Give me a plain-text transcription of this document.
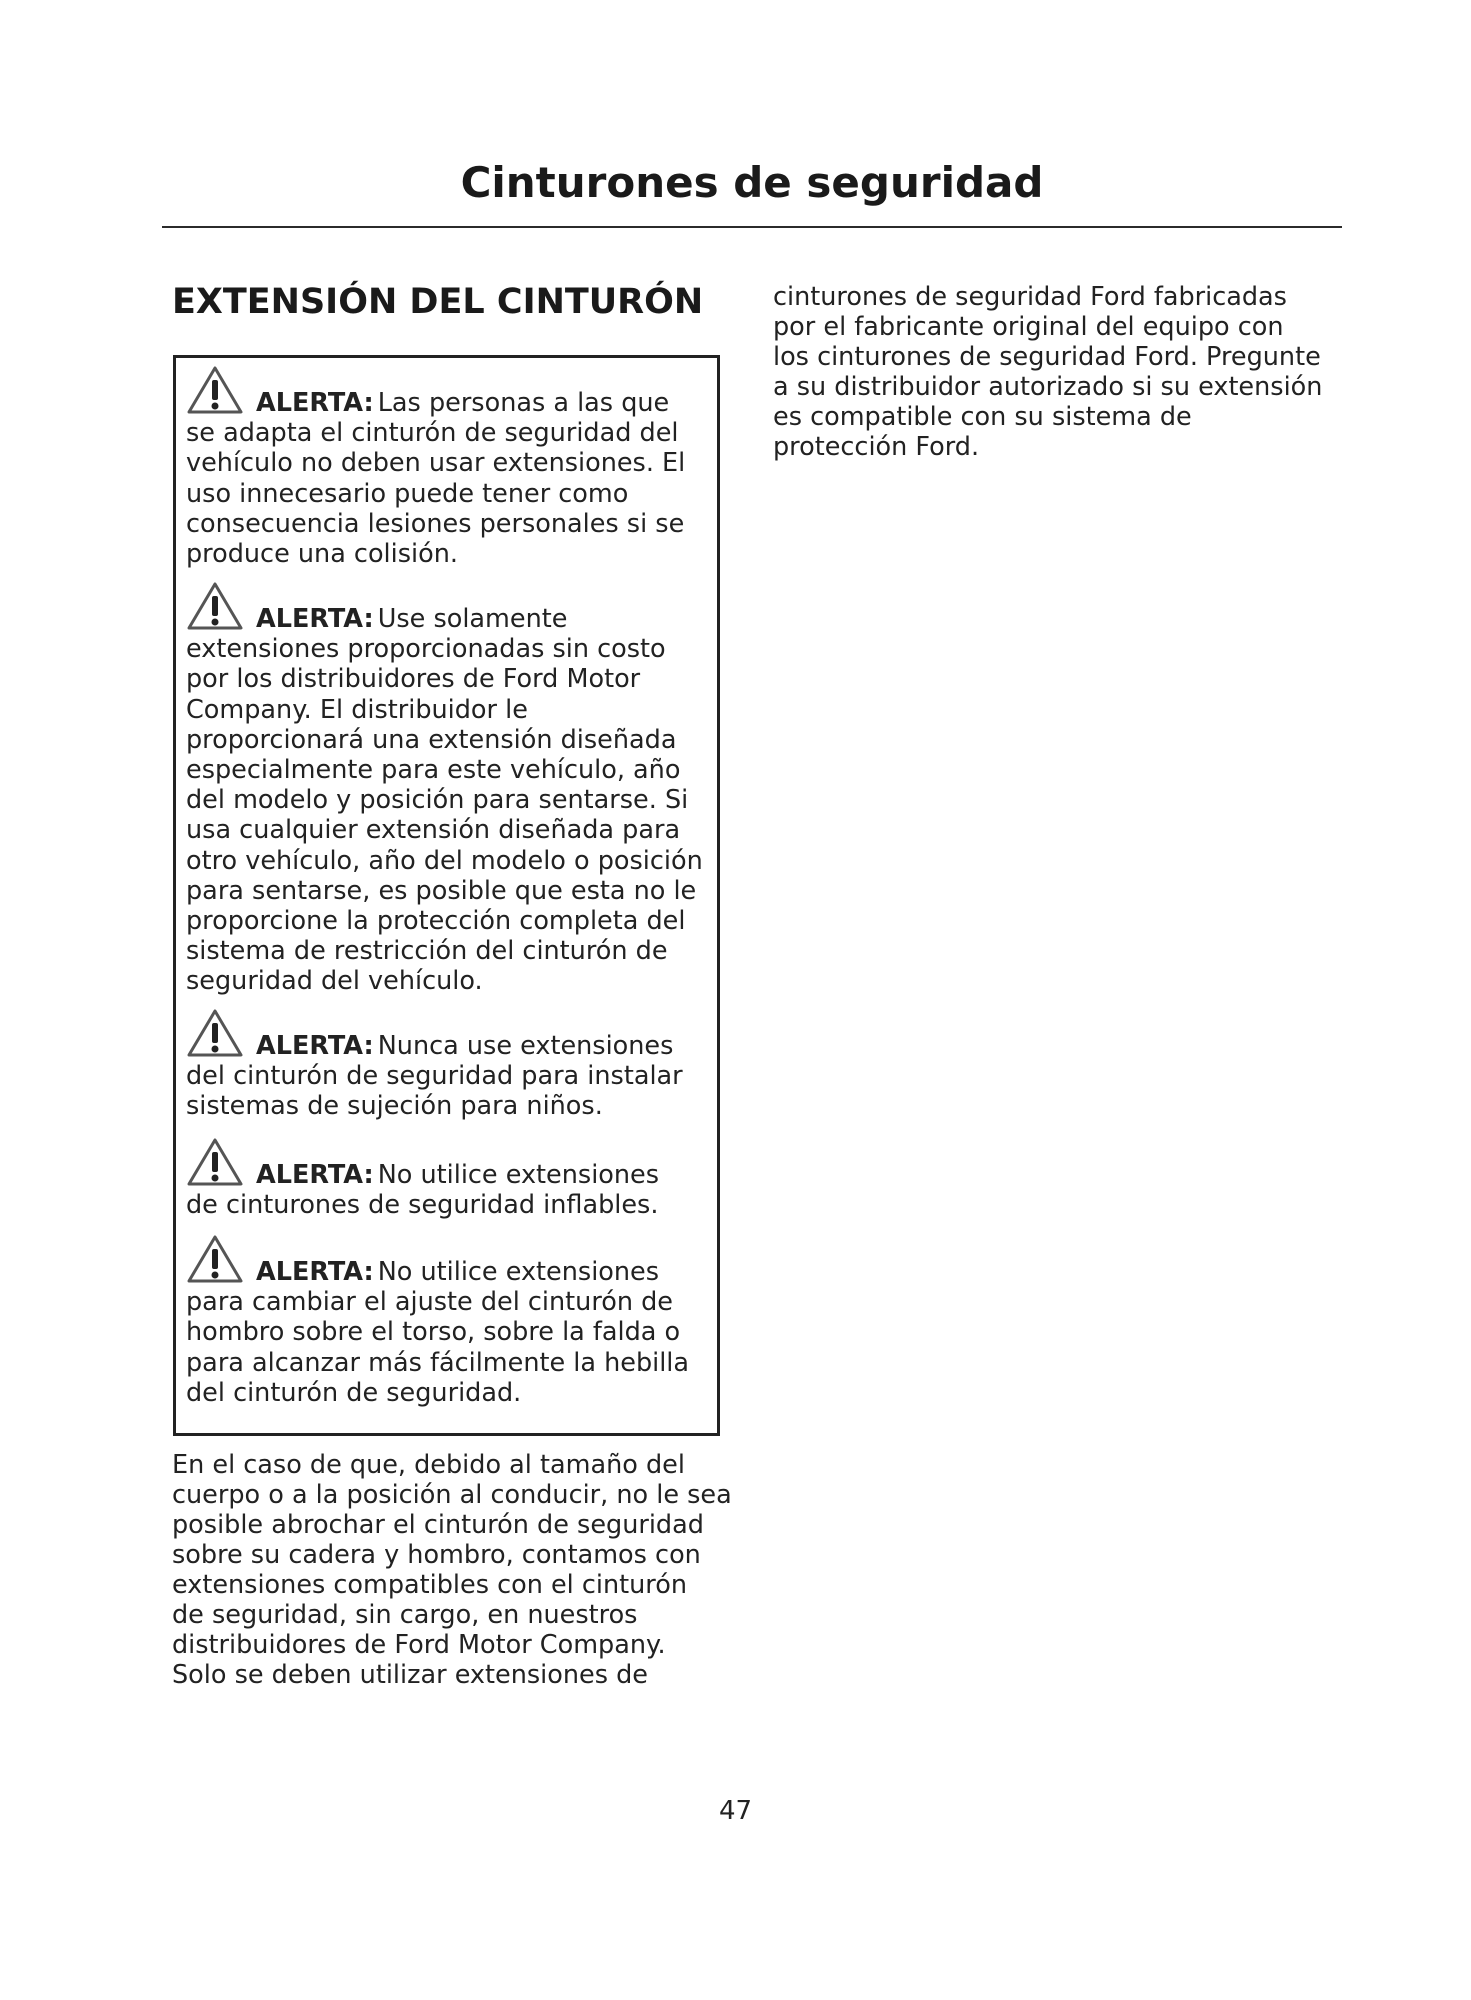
Cinturones de seguridad
EXTENSIÓN DEL CINTURÓN
ALERTA: Las personas a las que
se adapta el cinturón de seguridad del
vehículo no deben usar extensiones. El
uso innecesario puede tener como
consecuencia lesiones personales si se
produce una colisión.
ALERTA: Use solamente
extensiones proporcionadas sin costo
por los distribuidores de Ford Motor
Company. El distribuidor le
proporcionará una extensión diseñada
especialmente para este vehículo, año
del modelo y posición para sentarse. Si
usa cualquier extensión diseñada para
otro vehículo, año del modelo o posición
para sentarse, es posible que esta no le
proporcione la protección completa del
sistema de restricción del cinturón de
seguridad del vehículo.
ALERTA: Nunca use extensiones
del cinturón de seguridad para instalar
sistemas de sujeción para niños.
ALERTA: No utilice extensiones
de cinturones de seguridad inflables.
ALERTA: No utilice extensiones
para cambiar el ajuste del cinturón de
hombro sobre el torso, sobre la falda o
para alcanzar más fácilmente la hebilla
del cinturón de seguridad.
En el caso de que, debido al tamaño del
cuerpo o a la posición al conducir, no le sea
posible abrochar el cinturón de seguridad
sobre su cadera y hombro, contamos con
extensiones compatibles con el cinturón
de seguridad, sin cargo, en nuestros
distribuidores de Ford Motor Company.
Solo se deben utilizar extensiones de
cinturones de seguridad Ford fabricadas
por el fabricante original del equipo con
los cinturones de seguridad Ford. Pregunte
a su distribuidor autorizado si su extensión
es compatible con su sistema de
protección Ford.
47
